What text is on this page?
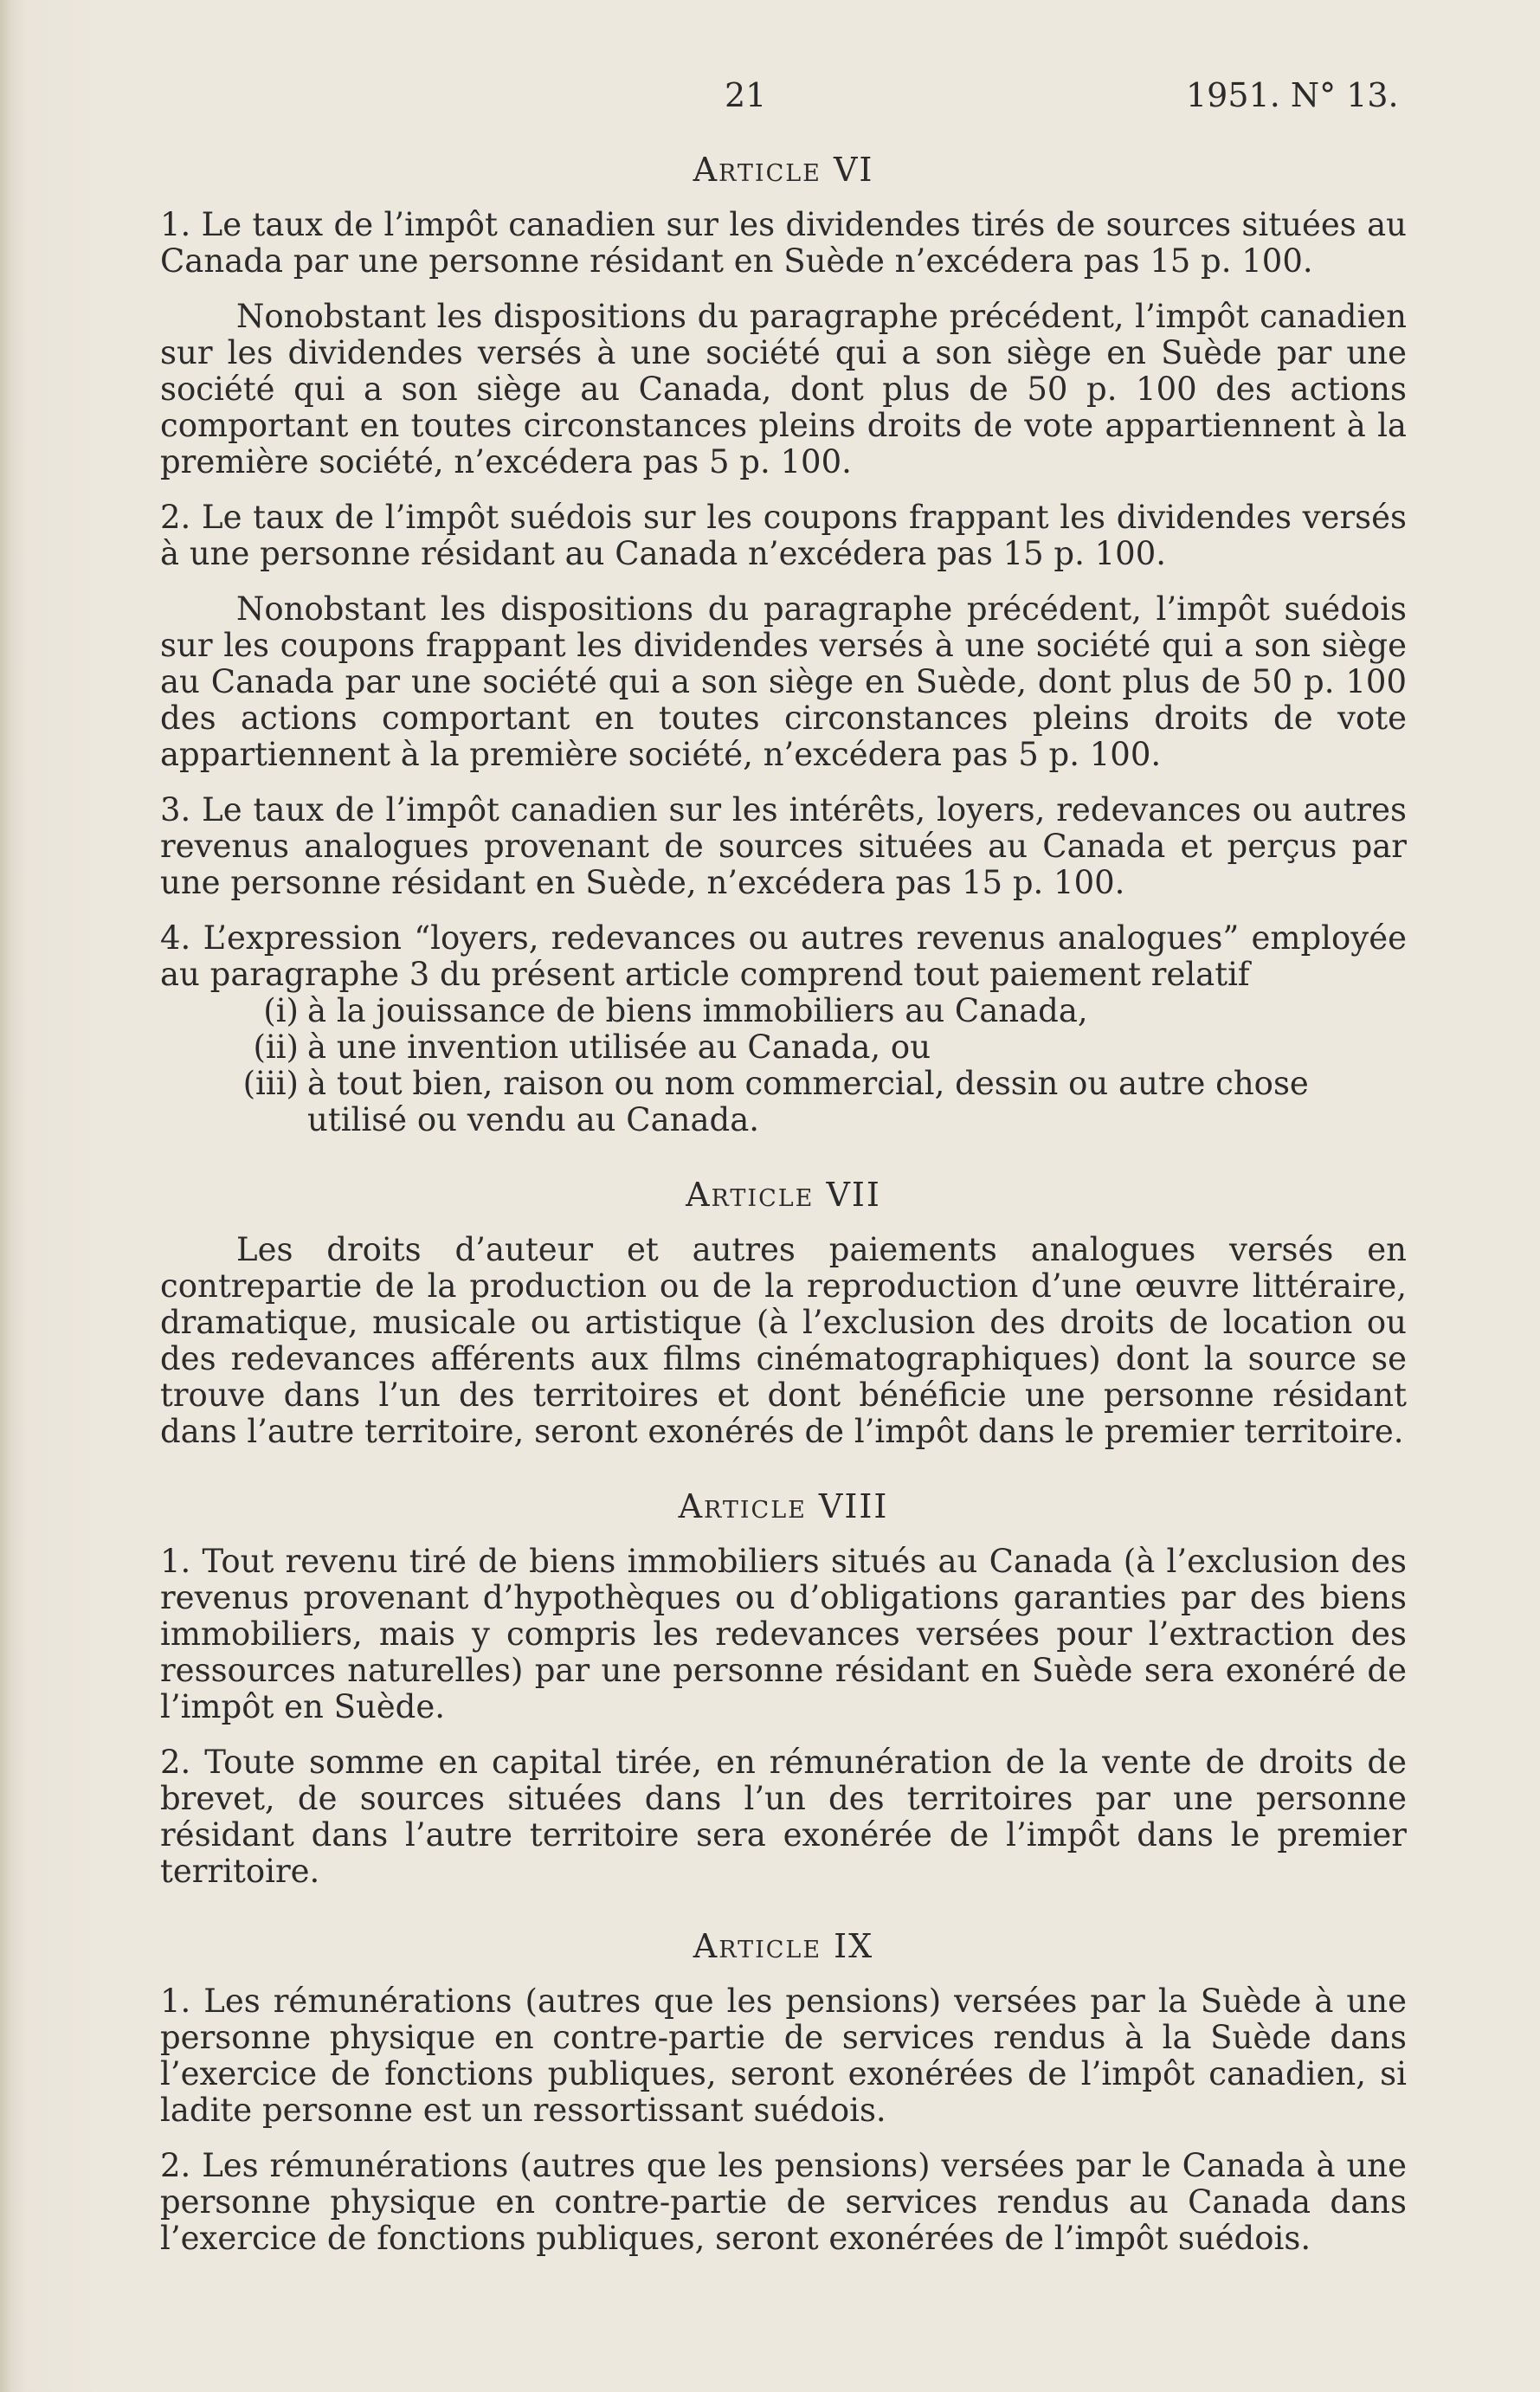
21	1951. N° 13.
Article VI

1. Le taux de l’impôt canadien sur les dividendes tirés de sources situées au Canada par une personne résidant en Suède n’excédera pas 15 p. 100.

Nonobstant les dispositions du paragraphe précédent, l’impôt canadien sur les dividendes versés à une société qui a son siège en Suède par une société qui a son siège au Canada, dont plus de 50 p. 100 des actions comportant en toutes circonstances pleins droits de vote appartiennent à la première société, n’excédera pas 5 p. 100.

2. Le taux de l’impôt suédois sur les coupons frappant les dividendes versés à une personne résidant au Canada n’excédera pas 15 p. 100.

Nonobstant les dispositions du paragraphe précédent, l’impôt suédois sur les coupons frappant les dividendes versés à une société qui a son siège au Canada par une société qui a son siège en Suède, dont plus de 50 p. 100 des actions comportant en toutes circonstances pleins droits de vote appartiennent à la première société, n’excédera pas 5 p. 100.

3. Le taux de l’impôt canadien sur les intérêts, loyers, redevances ou autres revenus analogues provenant de sources situées au Canada et perçus par une personne résidant en Suède, n’excédera pas 15 p. 100.

4. L’expression “loyers, redevances ou autres revenus analogues” employée au paragraphe 3 du présent article comprend tout paiement relatif

(i) à la jouissance de biens immobiliers au Canada,
(ii) à une invention utilisée au Canada, ou
(iii) à tout bien, raison ou nom commercial, dessin ou autre chose utilisé ou vendu au Canada.
Article VII

Les droits d’auteur et autres paiements analogues versés en contrepartie de la production ou de la reproduction d’une œuvre littéraire, dramatique, musicale ou artistique (à l’exclusion des droits de location ou des redevances afférents aux films cinématographiques) dont la source se trouve dans l’un des territoires et dont bénéficie une personne résidant dans l’autre territoire, seront exonérés de l’impôt dans le premier territoire.

Article VIII

1. Tout revenu tiré de biens immobiliers situés au Canada (à l’exclusion des revenus provenant d’hypothèques ou d’obligations garanties par des biens immobiliers, mais y compris les redevances versées pour l’extraction des ressources naturelles) par une personne résidant en Suède sera exonéré de l’impôt en Suède.

2. Toute somme en capital tirée, en rémunération de la vente de droits de brevet, de sources situées dans l’un des territoires par une personne résidant dans l’autre territoire sera exonérée de l’impôt dans le premier territoire.

Article IX

1. Les rémunérations (autres que les pensions) versées par la Suède à une personne physique en contre-partie de services rendus à la Suède dans l’exercice de fonctions publiques, seront exonérées de l’impôt canadien, si ladite personne est un ressortissant suédois.

2. Les rémunérations (autres que les pensions) versées par le Canada à une personne physique en contre-partie de services rendus au Canada dans l’exercice de fonctions publiques, seront exonérées de l’impôt suédois.
